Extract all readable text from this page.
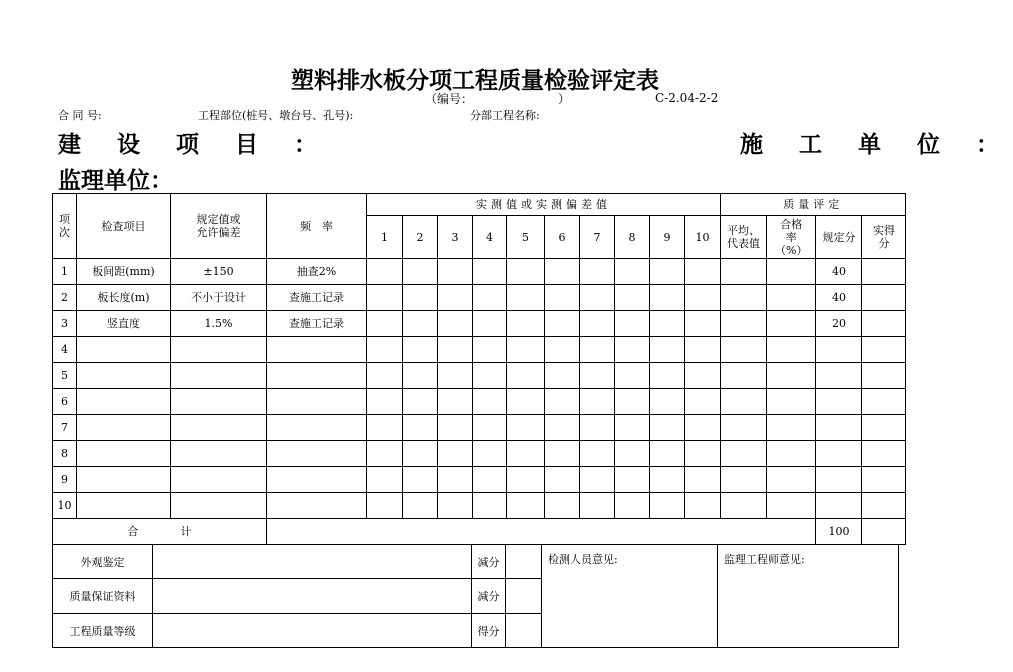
塑料排水板分项工程质量检验评定表
（编号：	）	C-2.04-2-2
合 同 号:	工程部位(桩号、墩台号、孔号):	分部工程名称:
建 设 项 目 ：	施 工 单 位 ：
监理单位：
项次	检查项目	规定值或允许偏差	频　率	实测值或实测偏差值										质量评定			
				1	2	3	4	5	6	7	8	9	10	平均、代表值	合格率（%）	规定分	实得分
1	板间距(mm)	±150	抽查2%													40	
2	板长度(m)	不小于设计	查施工记录													40	
3	竖直度	1.5%	查施工记录													20	
4																	
5																	
6																	
7																	
8																	
9																	
10																	
合 计																100	
外观鉴定		减分		检测人员意见:	监理工程师意见:
质量保证资料		减分			
工程质量等级		得分			
